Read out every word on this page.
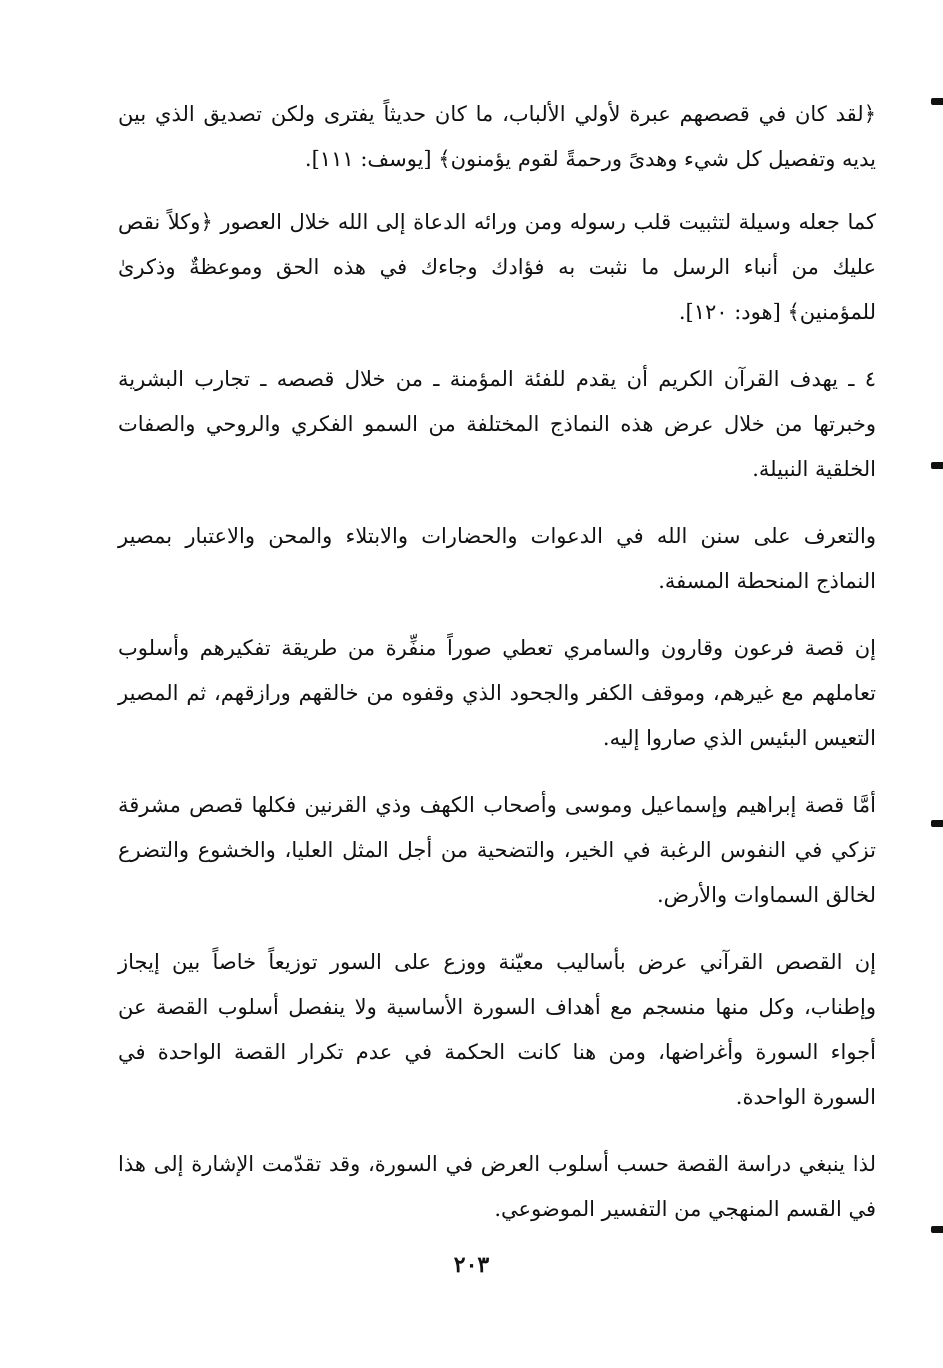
﴿لقد كان في قصصهم عبرة لأولي الألباب، ما كان حديثاً يفترى ولكن تصديق الذي بين يديه وتفصيل كل شيء وهدىً ورحمةً لقوم يؤمنون﴾ [يوسف: ١١١].

كما جعله وسيلة لتثبيت قلب رسوله ومن ورائه الدعاة إلى الله خلال العصور ﴿وكلاً نقص عليك من أنباء الرسل ما نثبت به فؤادك وجاءك في هذه الحق وموعظةٌ وذكرىٰ للمؤمنين﴾ [هود: ١٢٠].

٤ ـ يهدف القرآن الكريم أن يقدم للفئة المؤمنة ـ من خلال قصصه ـ تجارب البشرية وخبرتها من خلال عرض هذه النماذج المختلفة من السمو الفكري والروحي والصفات الخلقية النبيلة.

والتعرف على سنن الله في الدعوات والحضارات والابتلاء والمحن والاعتبار بمصير النماذج المنحطة المسفة.

إن قصة فرعون وقارون والسامري تعطي صوراً منفِّرة من طريقة تفكيرهم وأسلوب تعاملهم مع غيرهم، وموقف الكفر والجحود الذي وقفوه من خالقهم ورازقهم، ثم المصير التعيس البئيس الذي صاروا إليه.

أمَّا قصة إبراهيم وإسماعيل وموسى وأصحاب الكهف وذي القرنين فكلها قصص مشرقة تزكي في النفوس الرغبة في الخير، والتضحية من أجل المثل العليا، والخشوع والتضرع لخالق السماوات والأرض.

إن القصص القرآني عرض بأساليب معيّنة ووزع على السور توزيعاً خاصاً بين إيجاز وإطناب، وكل منها منسجم مع أهداف السورة الأساسية ولا ينفصل أسلوب القصة عن أجواء السورة وأغراضها، ومن هنا كانت الحكمة في عدم تكرار القصة الواحدة في السورة الواحدة.

لذا ينبغي دراسة القصة حسب أسلوب العرض في السورة، وقد تقدّمت الإشارة إلى هذا في القسم المنهجي من التفسير الموضوعي.

٢٠٣
